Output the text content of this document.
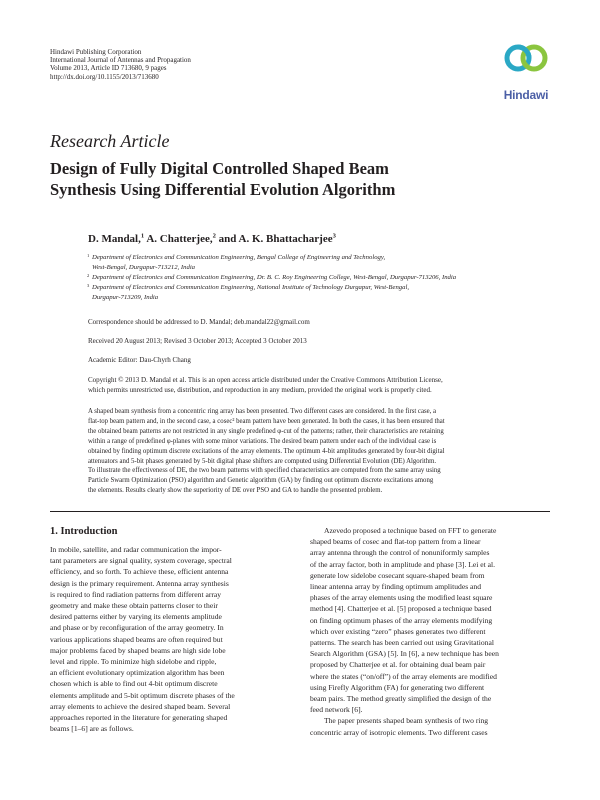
Hindawi Publishing Corporation
International Journal of Antennas and Propagation
Volume 2013, Article ID 713680, 9 pages
http://dx.doi.org/10.1155/2013/713680
Hindawi
Research Article
Design of Fully Digital Controlled Shaped Beam
Synthesis Using Differential Evolution Algorithm
D. Mandal,$^1$ A. Chatterjee,$^2$ and A. K. Bhattacharjee$^3$
1 Department of Electronics and Communication Engineering, Bengal College of Engineering and Technology,
West-Bengal, Durgapur-713212, India
2 Department of Electronics and Communication Engineering, Dr. B. C. Roy Engineering College, West-Bengal, Durgapur-713206, India
3 Department of Electronics and Communication Engineering, National Institute of Technology Durgapur, West-Bengal,
Durgapur-713209, India
Correspondence should be addressed to D. Mandal; deb.mandal22@gmail.com
Received 20 August 2013; Revised 3 October 2013; Accepted 3 October 2013
Academic Editor: Dau-Chyrh Chang
Copyright © 2013 D. Mandal et al. This is an open access article distributed under the Creative Commons Attribution License,
which permits unrestricted use, distribution, and reproduction in any medium, provided the original work is properly cited.
A shaped beam synthesis from a concentric ring array has been presented. Two different cases are considered. In the first case, a
flat-top beam pattern and, in the second case, a cosec² beam pattern have been generated. In both the cases, it has been ensured that
the obtained beam patterns are not restricted in any single predefined φ-cut of the patterns; rather, their characteristics are retaining
within a range of predefined φ-planes with some minor variations. The desired beam pattern under each of the individual case is
obtained by finding optimum discrete excitations of the array elements. The optimum 4-bit amplitudes generated by four-bit digital
attenuators and 5-bit phases generated by 5-bit digital phase shifters are computed using Differential Evolution (DE) Algorithm.
To illustrate the effectiveness of DE, the two beam patterns with specified characteristics are computed from the same array using
Particle Swarm Optimization (PSO) algorithm and Genetic algorithm (GA) by finding out optimum discrete excitations among
the elements. Results clearly show the superiority of DE over PSO and GA to handle the presented problem.
1. Introduction
In mobile, satellite, and radar communication the impor-
tant parameters are signal quality, system coverage, spectral
efficiency, and so forth. To achieve these, efficient antenna
design is the primary requirement. Antenna array synthesis
is required to find radiation patterns from different array
geometry and make these obtain patterns closer to their
desired patterns either by varying its elements amplitude
and phase or by reconfiguration of the array geometry. In
various applications shaped beams are often required but
major problems faced by shaped beams are high side lobe
level and ripple. To minimize high sidelobe and ripple,
an efficient evolutionary optimization algorithm has been
chosen which is able to find out 4-bit optimum discrete
elements amplitude and 5-bit optimum discrete phases of the
array elements to achieve the desired shaped beam. Several
approaches reported in the literature for generating shaped
beams [1–6] are as follows.
Azevedo proposed a technique based on FFT to generate
shaped beams of cosec and flat-top pattern from a linear
array antenna through the control of nonuniformly samples
of the array factor, both in amplitude and phase [3]. Lei et al.
generate low sidelobe cosecant square-shaped beam from
linear antenna array by finding optimum amplitudes and
phases of the array elements using the modified least square
method [4]. Chatterjee et al. [5] proposed a technique based
on finding optimum phases of the array elements modifying
which over existing “zero” phases generates two different
patterns. The search has been carried out using Gravitational
Search Algorithm (GSA) [5]. In [6], a new technique has been
proposed by Chatterjee et al. for obtaining dual beam pair
where the states (“on/off”) of the array elements are modified
using Firefly Algorithm (FA) for generating two different
beam pairs. The method greatly simplified the design of the
feed network [6].
The paper presents shaped beam synthesis of two ring
concentric array of isotropic elements. Two different cases
